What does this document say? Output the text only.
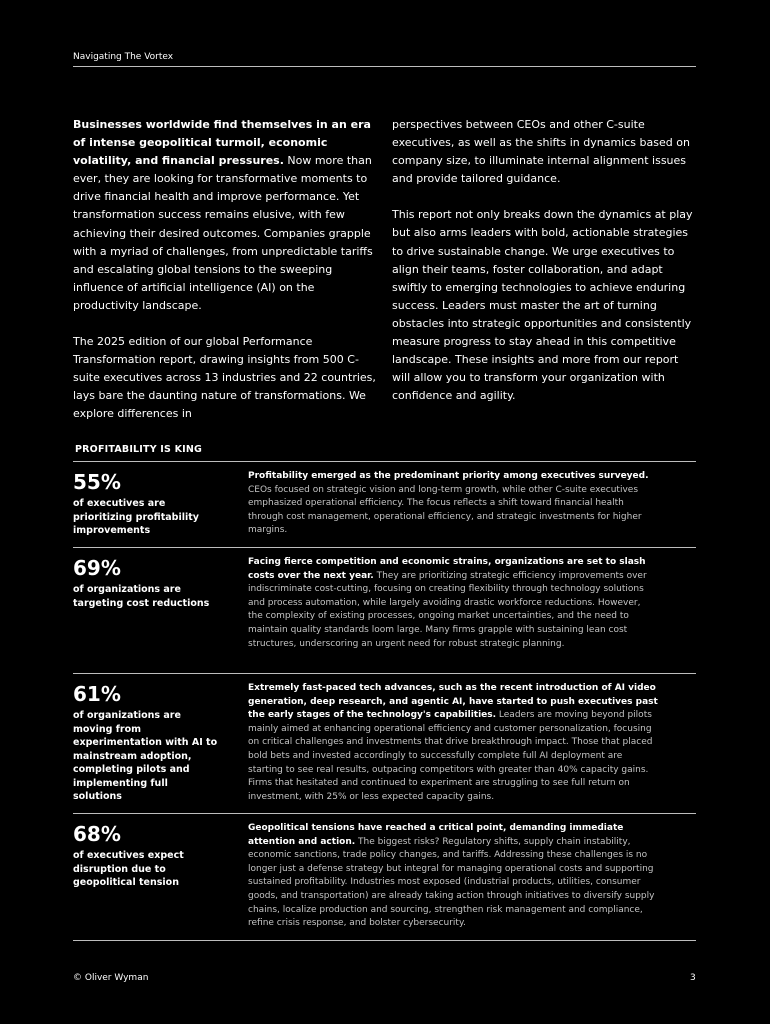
Navigating The Vortex

Businesses worldwide find themselves in an era of intense geopolitical turmoil, economic volatility, and financial pressures. Now more than ever, they are looking for transformative moments to drive financial health and improve performance. Yet transformation success remains elusive, with few achieving their desired outcomes. Companies grapple with a myriad of challenges, from unpredictable tariffs and escalating global tensions to the sweeping influence of artificial intelligence (AI) on the productivity landscape.

The 2025 edition of our global Performance Transformation report, drawing insights from 500 C-suite executives across 13 industries and 22 countries, lays bare the daunting nature of transformations. We explore differences in

perspectives between CEOs and other C-suite executives, as well as the shifts in dynamics based on company size, to illuminate internal alignment issues and provide tailored guidance.

This report not only breaks down the dynamics at play but also arms leaders with bold, actionable strategies to drive sustainable change. We urge executives to align their teams, foster collaboration, and adapt swiftly to emerging technologies to achieve enduring success. Leaders must master the art of turning obstacles into strategic opportunities and consistently measure progress to stay ahead in this competitive landscape. These insights and more from our report will allow you to transform your organization with confidence and agility.

PROFITABILITY IS KING
55%
of executives are prioritizing profitability improvements
Profitability emerged as the predominant priority among executives surveyed. CEOs focused on strategic vision and long-term growth, while other C-suite executives emphasized operational efficiency. The focus reflects a shift toward financial health through cost management, operational efficiency, and strategic investments for higher margins.
69%
of organizations are targeting cost reductions
Facing fierce competition and economic strains, organizations are set to slash costs over the next year. They are prioritizing strategic efficiency improvements over indiscriminate cost-cutting, focusing on creating flexibility through technology solutions and process automation, while largely avoiding drastic workforce reductions. However, the complexity of existing processes, ongoing market uncertainties, and the need to maintain quality standards loom large. Many firms grapple with sustaining lean cost structures, underscoring an urgent need for robust strategic planning.
61%
of organizations are moving from experimentation with AI to mainstream adoption, completing pilots and implementing full solutions
Extremely fast-paced tech advances, such as the recent introduction of AI video generation, deep research, and agentic AI, have started to push executives past the early stages of the technology's capabilities. Leaders are moving beyond pilots mainly aimed at enhancing operational efficiency and customer personalization, focusing on critical challenges and investments that drive breakthrough impact. Those that placed bold bets and invested accordingly to successfully complete full AI deployment are starting to see real results, outpacing competitors with greater than 40% capacity gains. Firms that hesitated and continued to experiment are struggling to see full return on investment, with 25% or less expected capacity gains.
68%
of executives expect disruption due to geopolitical tension
Geopolitical tensions have reached a critical point, demanding immediate attention and action. The biggest risks? Regulatory shifts, supply chain instability, economic sanctions, trade policy changes, and tariffs. Addressing these challenges is no longer just a defense strategy but integral for managing operational costs and supporting sustained profitability. Industries most exposed (industrial products, utilities, consumer goods, and transportation) are already taking action through initiatives to diversify supply chains, localize production and sourcing, strengthen risk management and compliance, refine crisis response, and bolster cybersecurity.
© Oliver Wyman	3
